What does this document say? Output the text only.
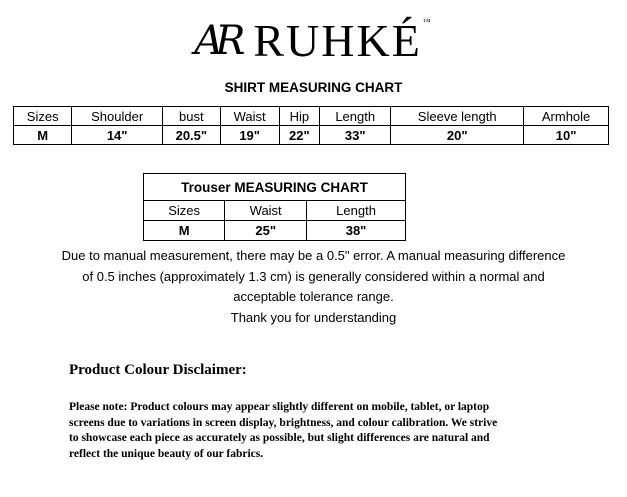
AR RUHKÉ™
SHIRT MEASURING CHART
Sizes	Shoulder	bust	Waist	Hip	Length	Sleeve length	Armhole
M	14"	20.5"	19"	22"	33"	20"	10"
Trouser MEASURING CHART		
Sizes	Waist	Length
M	25"	38"
Due to manual measurement, there may be a 0.5" error. A manual measuring difference
of 0.5 inches (approximately 1.3 cm) is generally considered within a normal and
acceptable tolerance range.
Thank you for understanding
Product Colour Disclaimer:
Please note: Product colours may appear slightly different on mobile, tablet, or laptop
screens due to variations in screen display, brightness, and colour calibration. We strive
to showcase each piece as accurately as possible, but slight differences are natural and
reflect the unique beauty of our fabrics.
